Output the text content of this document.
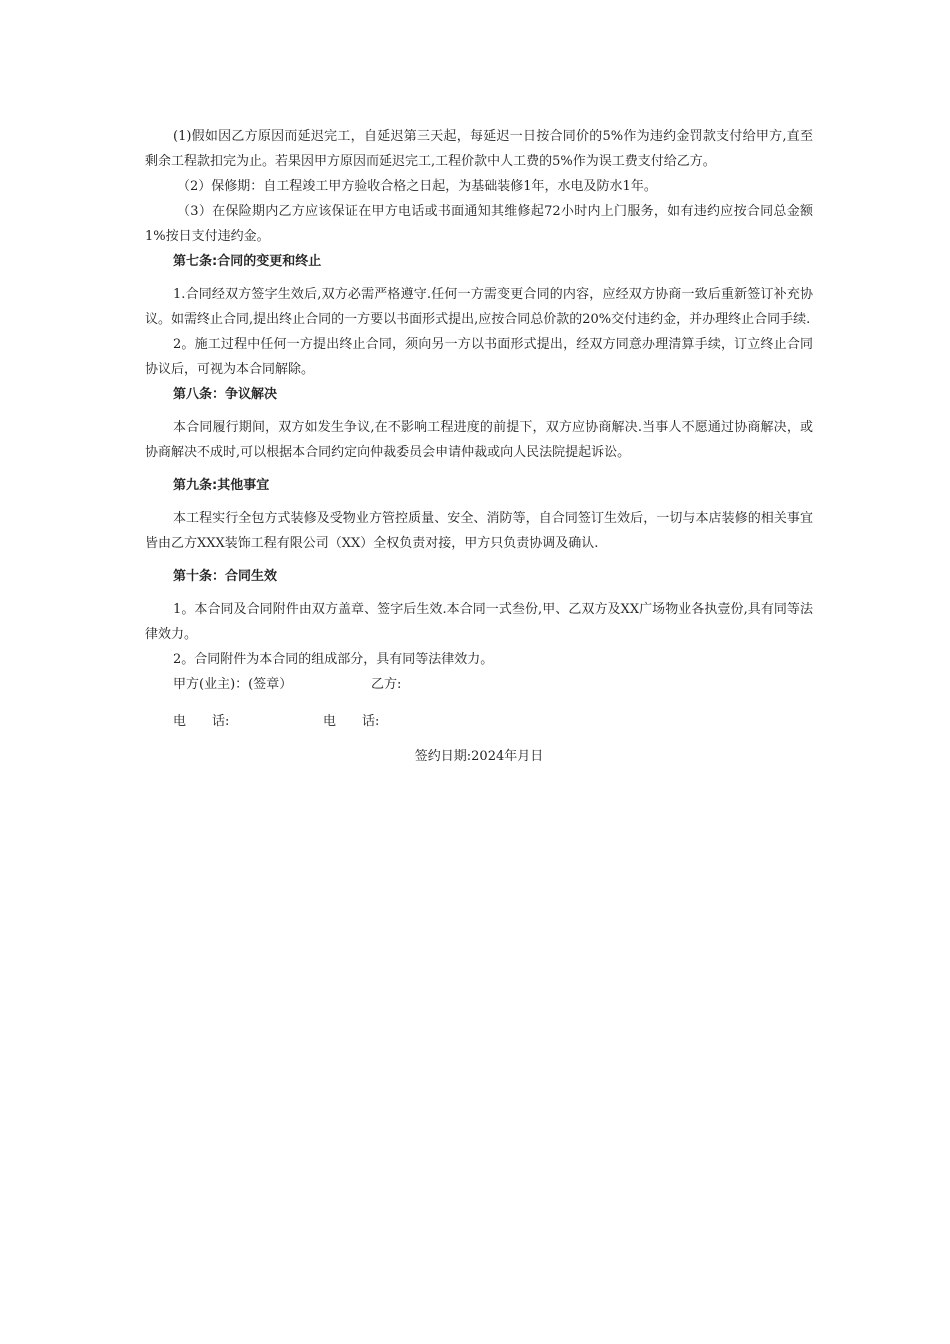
(1)假如因乙方原因而延迟完工，自延迟第三天起，每延迟一日按合同价的5%作为违约金罚款支付给甲方,直至剩余工程款扣完为止。若果因甲方原因而延迟完工,工程价款中人工费的5%作为误工费支付给乙方。

（2）保修期：自工程竣工甲方验收合格之日起，为基础装修1年，水电及防水1年。

（3）在保险期内乙方应该保证在甲方电话或书面通知其维修起72小时内上门服务，如有违约应按合同总金额1%按日支付违约金。

第七条:合同的变更和终止

1.合同经双方签字生效后,双方必需严格遵守.任何一方需变更合同的内容，应经双方协商一致后重新签订补充协议。如需终止合同,提出终止合同的一方要以书面形式提出,应按合同总价款的20%交付违约金，并办理终止合同手续.

2。施工过程中任何一方提出终止合同，须向另一方以书面形式提出，经双方同意办理清算手续，订立终止合同协议后，可视为本合同解除。

第八条：争议解决

本合同履行期间，双方如发生争议,在不影响工程进度的前提下，双方应协商解决.当事人不愿通过协商解决，或协商解决不成时,可以根据本合同约定向仲裁委员会申请仲裁或向人民法院提起诉讼。

第九条:其他事宜

本工程实行全包方式装修及受物业方管控质量、安全、消防等，自合同签订生效后，一切与本店装修的相关事宜皆由乙方XXX装饰工程有限公司（XX）全权负责对接，甲方只负责协调及确认.

第十条：合同生效

1。本合同及合同附件由双方盖章、签字后生效.本合同一式叁份,甲、乙双方及XX广场物业各执壹份,具有同等法律效力。

2。合同附件为本合同的组成部分，具有同等法律效力。

甲方(业主)：(签章）	乙方:
电　　话:	电　　话:
签约日期:2024年月日
